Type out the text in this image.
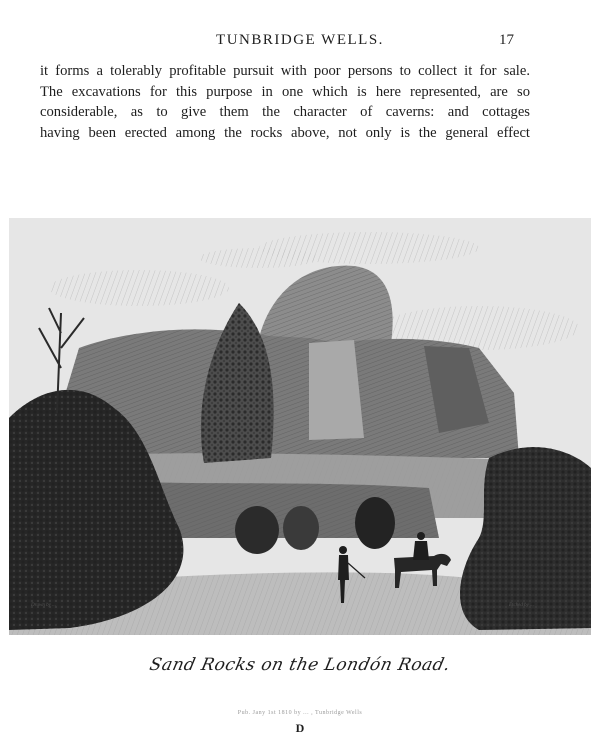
TUNBRIDGE WELLS.	17
it forms a tolerably profitable pursuit with poor persons to collect it for sale.
The excavations for this purpose in one which is here represented, are so
considerable, as to give them the character of caverns: and cottages
having been erected among the rocks above, not only is the general effect
Drawn by ...	Etched by ...
Sand Rocks on the Londón Road.
Pub. Jany 1st 1810 by ... , Tunbridge Wells
D
